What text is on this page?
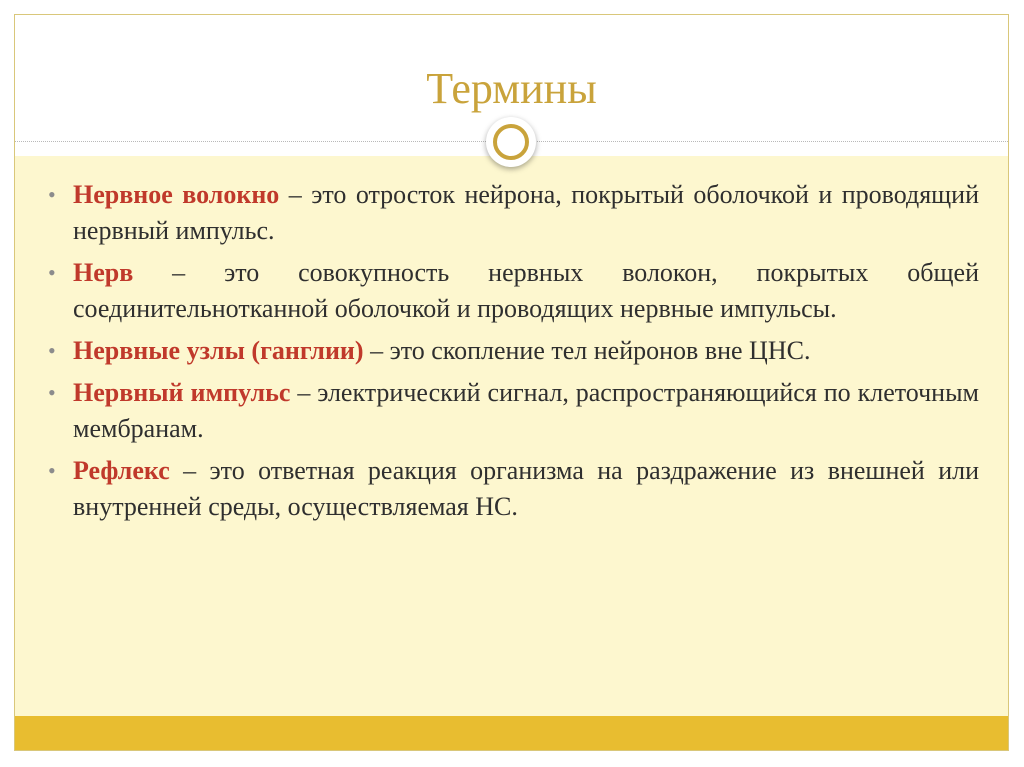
Термины
• Нервное волокно – это отросток нейрона, покрытый оболочкой и проводящий нервный импульс.
• Нерв – это совокупность нервных волокон, покрытых общей соединительнотканной оболочкой и проводящих нервные импульсы.
• Нервные узлы (ганглии) – это скопление тел нейронов вне ЦНС.
• Нервный импульс – электрический сигнал, распространяющийся по клеточным мембранам.
• Рефлекс – это ответная реакция организма на раздражение из внешней или внутренней среды, осуществляемая НС.
